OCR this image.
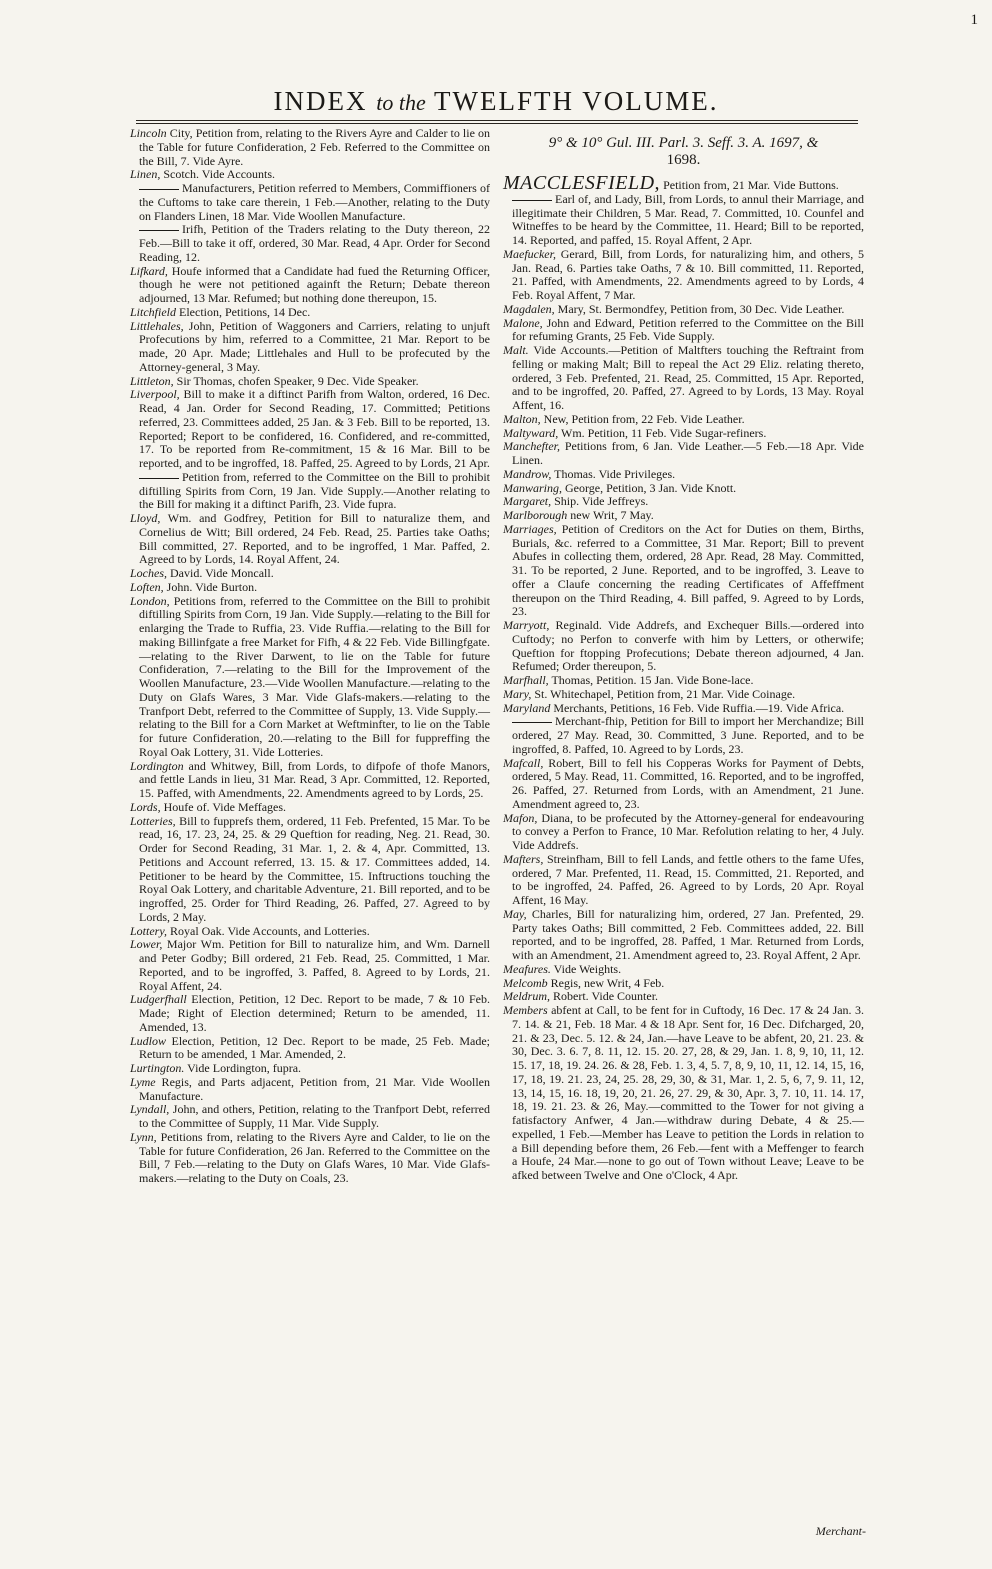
1
INDEX to the TWELFTH VOLUME.

Lincoln City, Petition from, relating to the Rivers Ayre and Calder to lie on the Table for future Confideration, 2 Feb. Referred to the Committee on the Bill, 7. Vide Ayre.

Linen, Scotch. Vide Accounts.

Manufacturers, Petition referred to Members, Commiffioners of the Cuftoms to take care therein, 1 Feb.—Another, relating to the Duty on Flanders Linen, 18 Mar. Vide Woollen Manufacture.

Irifh, Petition of the Traders relating to the Duty thereon, 22 Feb.—Bill to take it off, ordered, 30 Mar. Read, 4 Apr. Order for Second Reading, 12.

Lifkard, Houfe informed that a Candidate had fued the Returning Officer, though he were not petitioned againft the Return; Debate thereon adjourned, 13 Mar. Refumed; but nothing done thereupon, 15.

Litchfield Election, Petitions, 14 Dec.

Littlehales, John, Petition of Waggoners and Carriers, relating to unjuft Profecutions by him, referred to a Committee, 21 Mar. Report to be made, 20 Apr. Made; Littlehales and Hull to be profecuted by the Attorney-general, 3 May.

Littleton, Sir Thomas, chofen Speaker, 9 Dec. Vide Speaker.

Liverpool, Bill to make it a diftinct Parifh from Walton, ordered, 16 Dec. Read, 4 Jan. Order for Second Reading, 17. Committed; Petitions referred, 23. Committees added, 25 Jan. & 3 Feb. Bill to be reported, 13. Reported; Report to be confidered, 16. Confidered, and re-committed, 17. To be reported from Re-commitment, 15 & 16 Mar. Bill to be reported, and to be ingroffed, 18. Paffed, 25. Agreed to by Lords, 21 Apr.

Petition from, referred to the Committee on the Bill to prohibit diftilling Spirits from Corn, 19 Jan. Vide Supply.—Another relating to the Bill for making it a diftinct Parifh, 23. Vide fupra.

Lloyd, Wm. and Godfrey, Petition for Bill to naturalize them, and Cornelius de Witt; Bill ordered, 24 Feb. Read, 25. Parties take Oaths; Bill committed, 27. Reported, and to be ingroffed, 1 Mar. Paffed, 2. Agreed to by Lords, 14. Royal Affent, 24.

Loches, David. Vide Moncall.

Loften, John. Vide Burton.

London, Petitions from, referred to the Committee on the Bill to prohibit diftilling Spirits from Corn, 19 Jan. Vide Supply.—relating to the Bill for enlarging the Trade to Ruffia, 23. Vide Ruffia.—relating to the Bill for making Billinfgate a free Market for Fifh, 4 & 22 Feb. Vide Billingfgate.—relating to the River Darwent, to lie on the Table for future Confideration, 7.—relating to the Bill for the Improvement of the Woollen Manufacture, 23.—Vide Woollen Manufacture.—relating to the Duty on Glafs Wares, 3 Mar. Vide Glafs-makers.—relating to the Tranfport Debt, referred to the Committee of Supply, 13. Vide Supply.—relating to the Bill for a Corn Market at Weftminfter, to lie on the Table for future Confideration, 20.—relating to the Bill for fuppreffing the Royal Oak Lottery, 31. Vide Lotteries.

Lordington and Whitwey, Bill, from Lords, to difpofe of thofe Manors, and fettle Lands in lieu, 31 Mar. Read, 3 Apr. Committed, 12. Reported, 15. Paffed, with Amendments, 22. Amendments agreed to by Lords, 25.

Lords, Houfe of. Vide Meffages.

Lotteries, Bill to fupprefs them, ordered, 11 Feb. Prefented, 15 Mar. To be read, 16, 17. 23, 24, 25. & 29 Queftion for reading, Neg. 21. Read, 30. Order for Second Reading, 31 Mar. 1, 2. & 4, Apr. Committed, 13. Petitions and Account referred, 13. 15. & 17. Committees added, 14. Petitioner to be heard by the Committee, 15. Inftructions touching the Royal Oak Lottery, and charitable Adventure, 21. Bill reported, and to be ingroffed, 25. Order for Third Reading, 26. Paffed, 27. Agreed to by Lords, 2 May.

Lottery, Royal Oak. Vide Accounts, and Lotteries.

Lower, Major Wm. Petition for Bill to naturalize him, and Wm. Darnell and Peter Godby; Bill ordered, 21 Feb. Read, 25. Committed, 1 Mar. Reported, and to be ingroffed, 3. Paffed, 8. Agreed to by Lords, 21. Royal Affent, 24.

Ludgerfhall Election, Petition, 12 Dec. Report to be made, 7 & 10 Feb. Made; Right of Election determined; Return to be amended, 11. Amended, 13.

Ludlow Election, Petition, 12 Dec. Report to be made, 25 Feb. Made; Return to be amended, 1 Mar. Amended, 2.

Lurtington. Vide Lordington, fupra.

Lyme Regis, and Parts adjacent, Petition from, 21 Mar. Vide Woollen Manufacture.

Lyndall, John, and others, Petition, relating to the Tranfport Debt, referred to the Committee of Supply, 11 Mar. Vide Supply.

Lynn, Petitions from, relating to the Rivers Ayre and Calder, to lie on the Table for future Confideration, 26 Jan. Referred to the Committee on the Bill, 7 Feb.—relating to the Duty on Glafs Wares, 10 Mar. Vide Glafs-makers.—relating to the Duty on Coals, 23.

9° & 10° Gul. III. Parl. 3. Seff. 3. A. 1697, &
1698.

MACCLESFIELD, Petition from, 21 Mar. Vide Buttons.

Earl of, and Lady, Bill, from Lords, to annul their Marriage, and illegitimate their Children, 5 Mar. Read, 7. Committed, 10. Counfel and Witneffes to be heard by the Committee, 11. Heard; Bill to be reported, 14. Reported, and paffed, 15. Royal Affent, 2 Apr.

Maefucker, Gerard, Bill, from Lords, for naturalizing him, and others, 5 Jan. Read, 6. Parties take Oaths, 7 & 10. Bill committed, 11. Reported, 21. Paffed, with Amendments, 22. Amendments agreed to by Lords, 4 Feb. Royal Affent, 7 Mar.

Magdalen, Mary, St. Bermondfey, Petition from, 30 Dec. Vide Leather.

Malone, John and Edward, Petition referred to the Committee on the Bill for refuming Grants, 25 Feb. Vide Supply.

Malt. Vide Accounts.—Petition of Maltfters touching the Reftraint from felling or making Malt; Bill to repeal the Act 29 Eliz. relating thereto, ordered, 3 Feb. Prefented, 21. Read, 25. Committed, 15 Apr. Reported, and to be ingroffed, 20. Paffed, 27. Agreed to by Lords, 13 May. Royal Affent, 16.

Malton, New, Petition from, 22 Feb. Vide Leather.

Maltyward, Wm. Petition, 11 Feb. Vide Sugar-refiners.

Manchefter, Petitions from, 6 Jan. Vide Leather.—5 Feb.—18 Apr. Vide Linen.

Mandrow, Thomas. Vide Privileges.

Manwaring, George, Petition, 3 Jan. Vide Knott.

Margaret, Ship. Vide Jeffreys.

Marlborough new Writ, 7 May.

Marriages, Petition of Creditors on the Act for Duties on them, Births, Burials, &c. referred to a Committee, 31 Mar. Report; Bill to prevent Abufes in collecting them, ordered, 28 Apr. Read, 28 May. Committed, 31. To be reported, 2 June. Reported, and to be ingroffed, 3. Leave to offer a Claufe concerning the reading Certificates of Affeffment thereupon on the Third Reading, 4. Bill paffed, 9. Agreed to by Lords, 23.

Marryott, Reginald. Vide Addrefs, and Exchequer Bills.—ordered into Cuftody; no Perfon to converfe with him by Letters, or otherwife; Queftion for ftopping Profecutions; Debate thereon adjourned, 4 Jan. Refumed; Order thereupon, 5.

Marfhall, Thomas, Petition. 15 Jan. Vide Bone-lace.

Mary, St. Whitechapel, Petition from, 21 Mar. Vide Coinage.

Maryland Merchants, Petitions, 16 Feb. Vide Ruffia.—19. Vide Africa.

Merchant-fhip, Petition for Bill to import her Merchandize; Bill ordered, 27 May. Read, 30. Committed, 3 June. Reported, and to be ingroffed, 8. Paffed, 10. Agreed to by Lords, 23.

Mafcall, Robert, Bill to fell his Copperas Works for Payment of Debts, ordered, 5 May. Read, 11. Committed, 16. Reported, and to be ingroffed, 26. Paffed, 27. Returned from Lords, with an Amendment, 21 June. Amendment agreed to, 23.

Mafon, Diana, to be profecuted by the Attorney-general for endeavouring to convey a Perfon to France, 10 Mar. Refolution relating to her, 4 July. Vide Addrefs.

Mafters, Streinfham, Bill to fell Lands, and fettle others to the fame Ufes, ordered, 7 Mar. Prefented, 11. Read, 15. Committed, 21. Reported, and to be ingroffed, 24. Paffed, 26. Agreed to by Lords, 20 Apr. Royal Affent, 16 May.

May, Charles, Bill for naturalizing him, ordered, 27 Jan. Prefented, 29. Party takes Oaths; Bill committed, 2 Feb. Committees added, 22. Bill reported, and to be ingroffed, 28. Paffed, 1 Mar. Returned from Lords, with an Amendment, 21. Amendment agreed to, 23. Royal Affent, 2 Apr.

Meafures. Vide Weights.

Melcomb Regis, new Writ, 4 Feb.

Meldrum, Robert. Vide Counter.

Members abfent at Call, to be fent for in Cuftody, 16 Dec. 17 & 24 Jan. 3. 7. 14. & 21, Feb. 18 Mar. 4 & 18 Apr. Sent for, 16 Dec. Difcharged, 20, 21. & 23, Dec. 5. 12. & 24, Jan.—have Leave to be abfent, 20, 21. 23. & 30, Dec. 3. 6. 7, 8. 11, 12. 15. 20. 27, 28, & 29, Jan. 1. 8, 9, 10, 11, 12. 15. 17, 18, 19. 24. 26. & 28, Feb. 1. 3, 4, 5. 7, 8, 9, 10, 11, 12. 14, 15, 16, 17, 18, 19. 21. 23, 24, 25. 28, 29, 30, & 31, Mar. 1, 2. 5, 6, 7, 9. 11, 12, 13, 14, 15, 16. 18, 19, 20, 21. 26, 27. 29, & 30, Apr. 3, 7. 10, 11. 14. 17, 18, 19. 21. 23. & 26, May.—committed to the Tower for not giving a fatisfactory Anfwer, 4 Jan.—withdraw during Debate, 4 & 25.—expelled, 1 Feb.—Member has Leave to petition the Lords in relation to a Bill depending before them, 26 Feb.—fent with a Meffenger to fearch a Houfe, 24 Mar.—none to go out of Town without Leave; Leave to be afked between Twelve and One o'Clock, 4 Apr.

Merchant-
